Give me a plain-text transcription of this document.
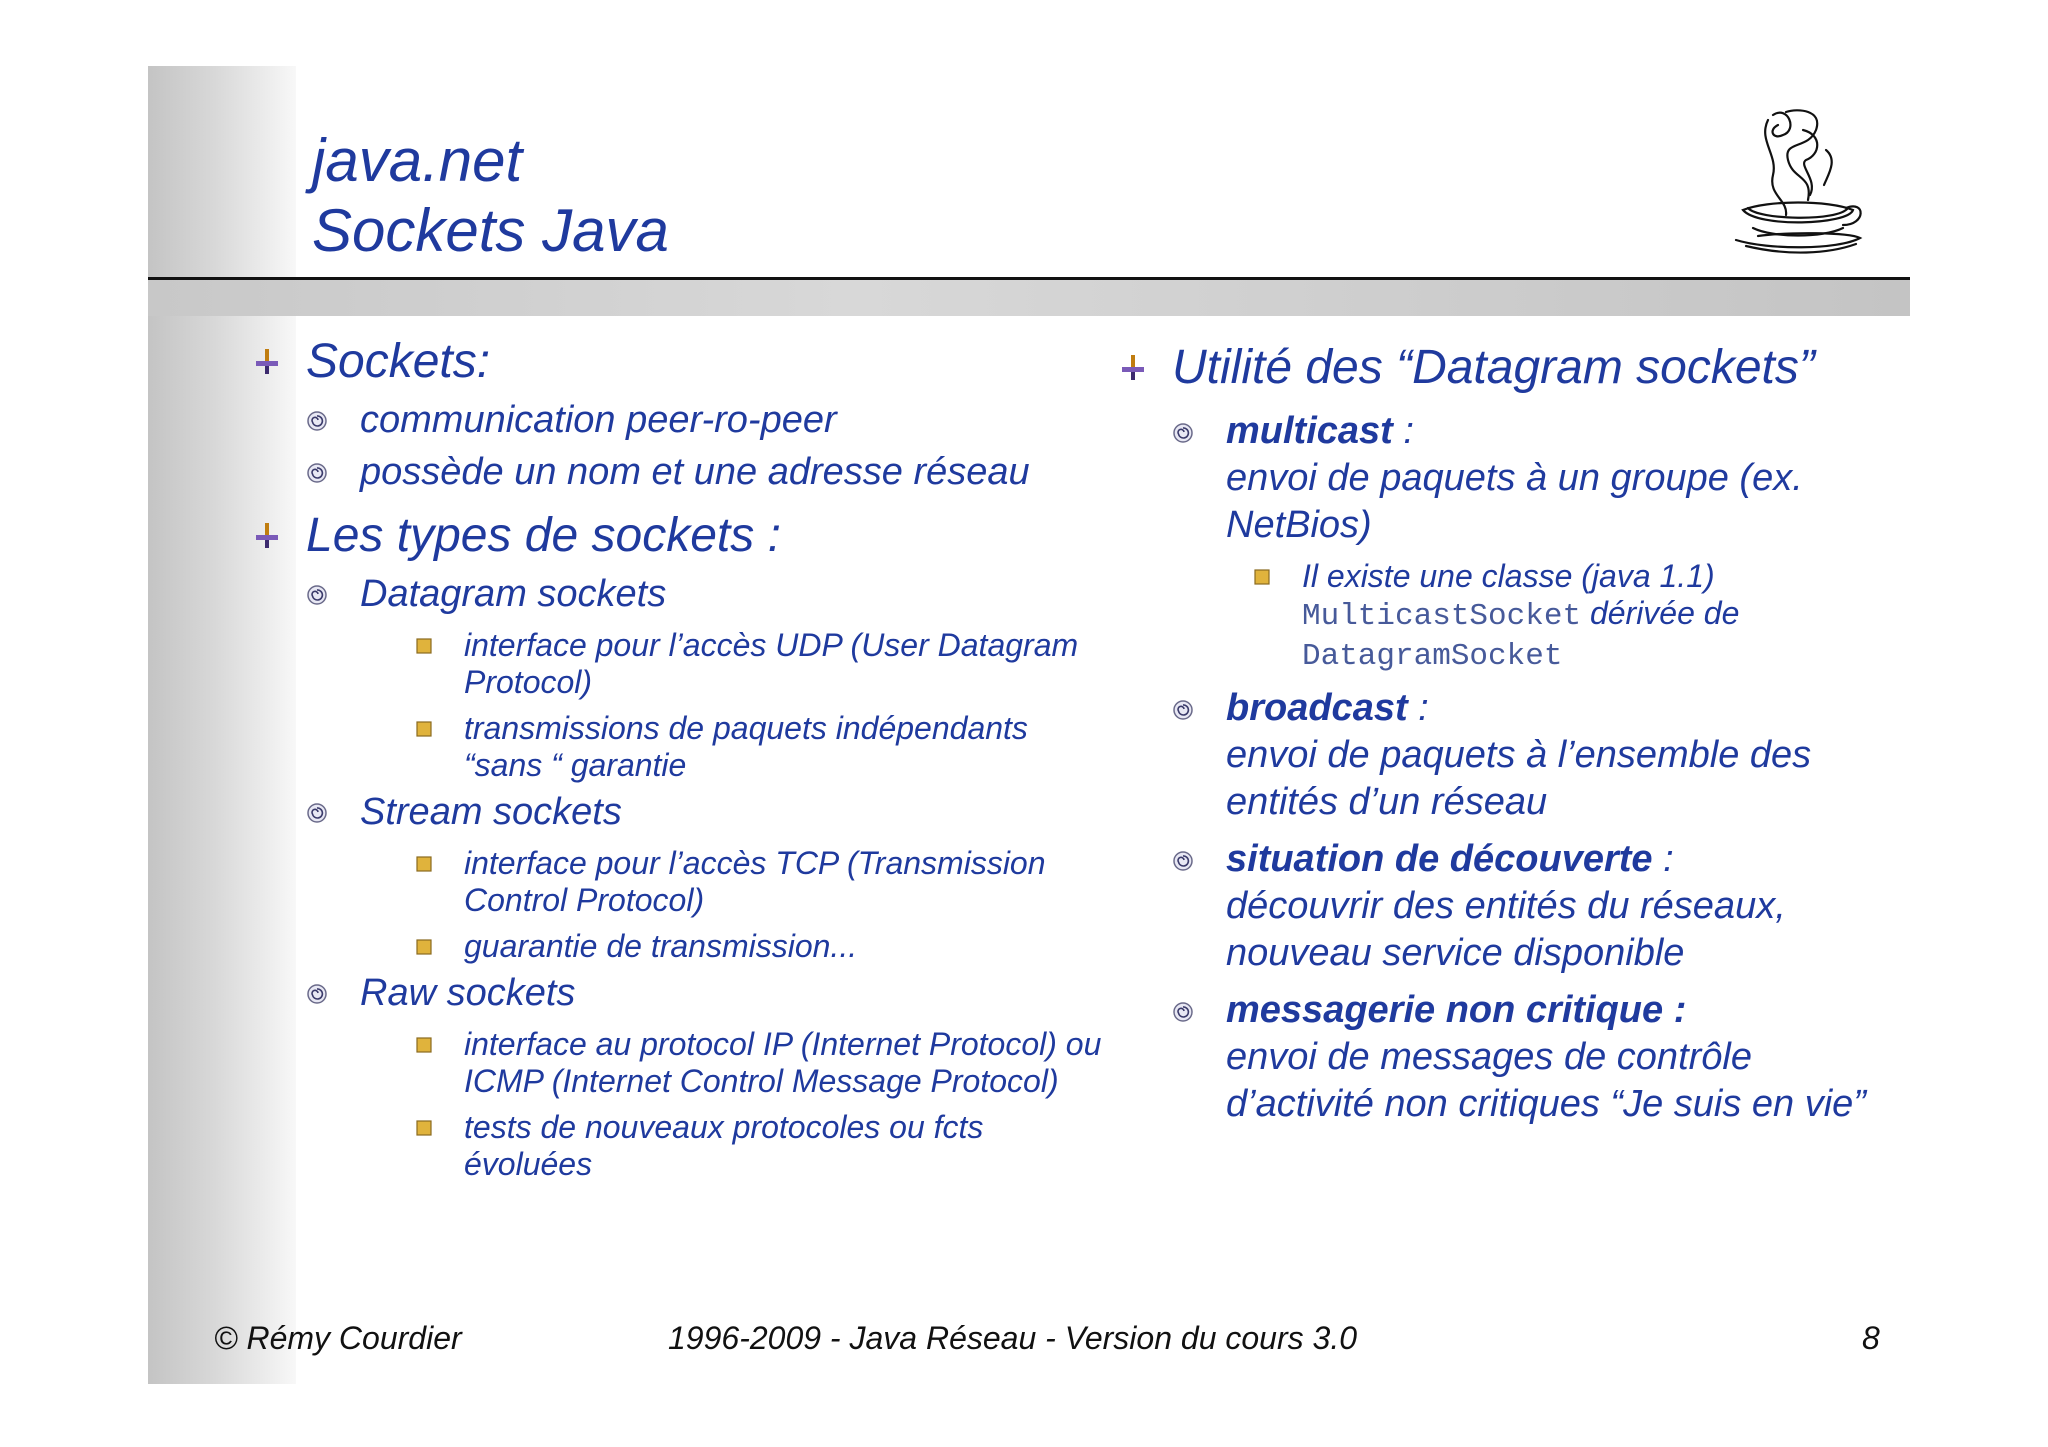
java.net
Sockets Java
Sockets:
communication peer-ro-peer
possède un nom et une adresse réseau
Les types de sockets :
Datagram sockets
interface pour l’accès UDP (User Datagram Protocol)
transmissions de paquets indépendants “sans “ garantie
Stream sockets
interface pour l’accès TCP (Transmission Control Protocol)
guarantie de transmission...
Raw sockets
interface au protocol IP (Internet Protocol) ou ICMP (Internet Control Message Protocol)
tests de nouveaux protocoles ou fcts évoluées
Utilité des “Datagram sockets”
multicast :
envoi de paquets à un groupe (ex. NetBios)
Il existe une classe (java 1.1)
MulticastSocket dérivée de
DatagramSocket
broadcast :
envoi de paquets à l’ensemble des entités d’un réseau
situation de découverte :
découvrir des entités du réseaux, nouveau service disponible
messagerie non critique :
envoi de messages de contrôle d’activité non critiques “Je suis en vie”
© Rémy Courdier	1996-2009 - Java Réseau - Version du cours 3.0	8
